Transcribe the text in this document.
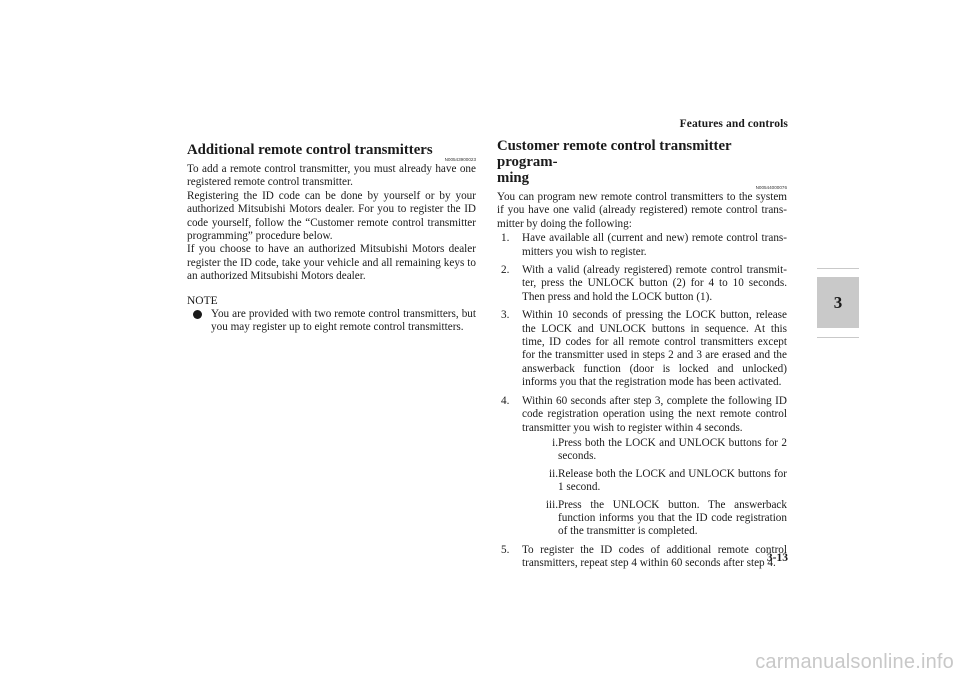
Features and controls
3
Additional remote control transmitters
N00543900023

To add a remote control transmitter, you must already have one registered remote control transmitter.

Registering the ID code can be done by yourself or by your authorized Mitsubishi Motors dealer. For you to register the ID code yourself, follow the “Customer remote control transmitter programming” procedure below.

If you choose to have an authorized Mitsubishi Motors dealer register the ID code, take your vehicle and all remaining keys to an authorized Mitsubishi Motors dealer.

NOTE
You are provided with two remote control transmitters, but you may register up to eight remote control transmitters.
Customer remote control transmitter program-
ming
N00544000076

You can program new remote control transmitters to the system if you have one valid (already registered) remote control transmitter by doing the following:

1. Have available all (current and new) remote control transmitters you wish to register.
2. With a valid (already registered) remote control transmitter, press the UNLOCK button (2) for 4 to 10 seconds. Then press and hold the LOCK button (1).
3. Within 10 seconds of pressing the LOCK button, release the LOCK and UNLOCK buttons in sequence. At this time, ID codes for all remote control transmitters except for the transmitter used in steps 2 and 3 are erased and the answerback function (door is locked and unlocked) informs you that the registration mode has been activated.
4. Within 60 seconds after step 3, complete the following ID code registration operation using the next remote control transmitter you wish to register within 4 seconds.
i. Press both the LOCK and UNLOCK buttons for 2 seconds.
ii. Release both the LOCK and UNLOCK buttons for 1 second.
iii. Press the UNLOCK button. The answerback function informs you that the ID code registration of the transmitter is completed.
5. To register the ID codes of additional remote control transmitters, repeat step 4 within 60 seconds after step 4.
3-13
carmanualsonline.info
